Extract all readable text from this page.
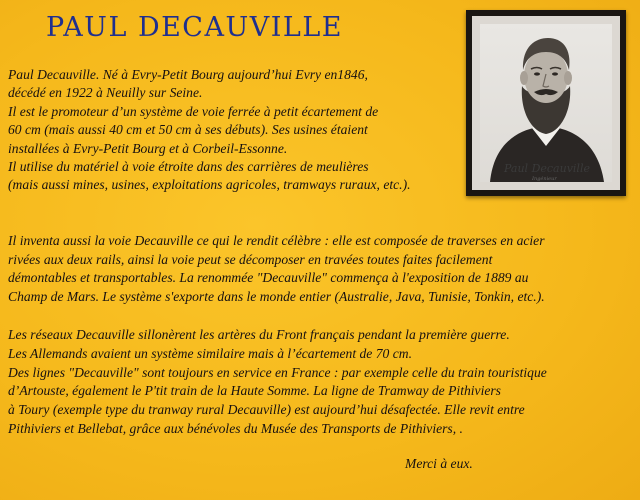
PAUL DECAUVILLE
Paul Decauville
Ingénieur
Paul Decauville. Né à Evry-Petit Bourg aujourd’hui Evry en1846,
décédé en 1922 à Neuilly sur Seine.
Il est le promoteur d’un système de voie ferrée à petit écartement de
60 cm (mais aussi 40 cm et 50 cm à ses débuts). Ses usines étaient
installées à Evry-Petit Bourg et à Corbeil-Essonne.
Il utilise du matériel à voie étroite dans des carrières de meulières
(mais aussi mines, usines, exploitations agricoles, tramways ruraux, etc.).
Il inventa aussi la voie Decauville ce qui le rendit célèbre : elle est composée de traverses en acier
rivées aux deux rails, ainsi la voie peut se décomposer en travées toutes faites facilement
démontables et transportables. La renommée "Decauville" commença à l'exposition de 1889 au
Champ de Mars. Le système s'exporte dans le monde entier (Australie, Java, Tunisie, Tonkin, etc.).
Les réseaux Decauville sillonèrent les artères du Front français pendant la première guerre.
Les Allemands avaient un système similaire mais à l’écartement de 70 cm.
Des lignes "Decauville" sont toujours en service en France : par exemple celle du train touristique
d’Artouste, également le P'tit train de la Haute Somme. La ligne de Tramway de Pithiviers
à Toury (exemple type du tranway rural Decauville) est aujourd’hui désafectée. Elle revit entre
Pithiviers et Bellebat, grâce aux bénévoles du Musée des Transports de Pithiviers, .
Merci à eux.
